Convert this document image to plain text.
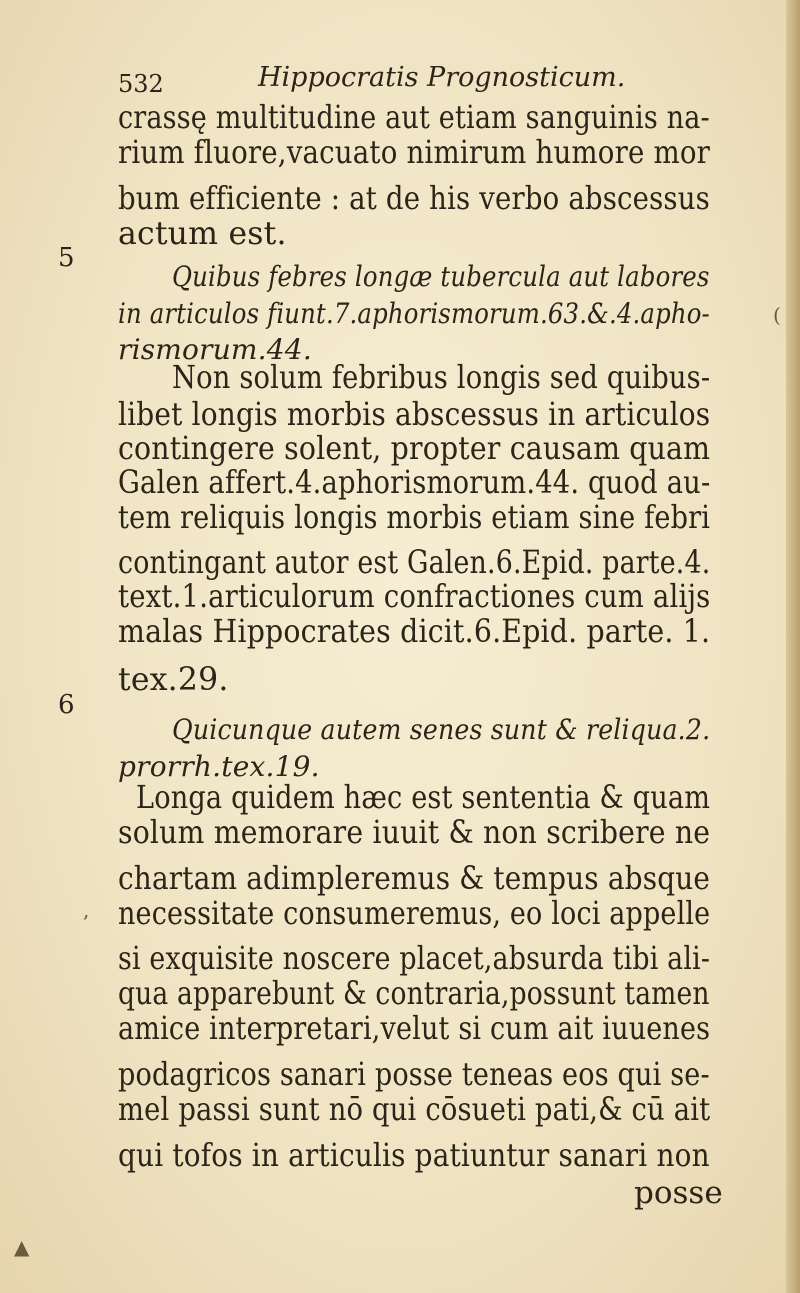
532	Hippocratis Prognosticum.
5
6
crassę multitudine aut etiam sanguinis na-
rium fluore,vacuato nimirum humore mor
bum efficiente : at de his verbo abscessus
actum est.
Quibus febres longæ tubercula aut labores
in articulos fiunt.7.aphorismorum.63.&.4.apho-
rismorum.44.
Non solum febribus longis sed quibus-
libet longis morbis abscessus in articulos
contingere solent, propter causam quam
Galen affert.4.aphorismorum.44. quod au-
tem reliquis longis morbis etiam sine febri
contingant autor est Galen.6.Epid. parte.4.
text.1.articulorum confractiones cum alijs
malas Hippocrates dicit.6.Epid. parte. 1.
tex.29.
Quicunque autem senes sunt & reliqua.2.
prorrh.tex.19.
Longa quidem hæc est sententia & quam
solum memorare iuuit & non scribere ne
chartam adimpleremus & tempus absque
necessitate consumeremus, eo loci appelle
si exquisite noscere placet,absurda tibi ali-
qua apparebunt & contraria,possunt tamen
amice interpretari,velut si cum ait iuuenes
podagricos sanari posse teneas eos qui se-
mel passi sunt nō qui cōsueti pati,& cū ait
qui tofos in articulis patiuntur sanari non
posse
(
,
▲
